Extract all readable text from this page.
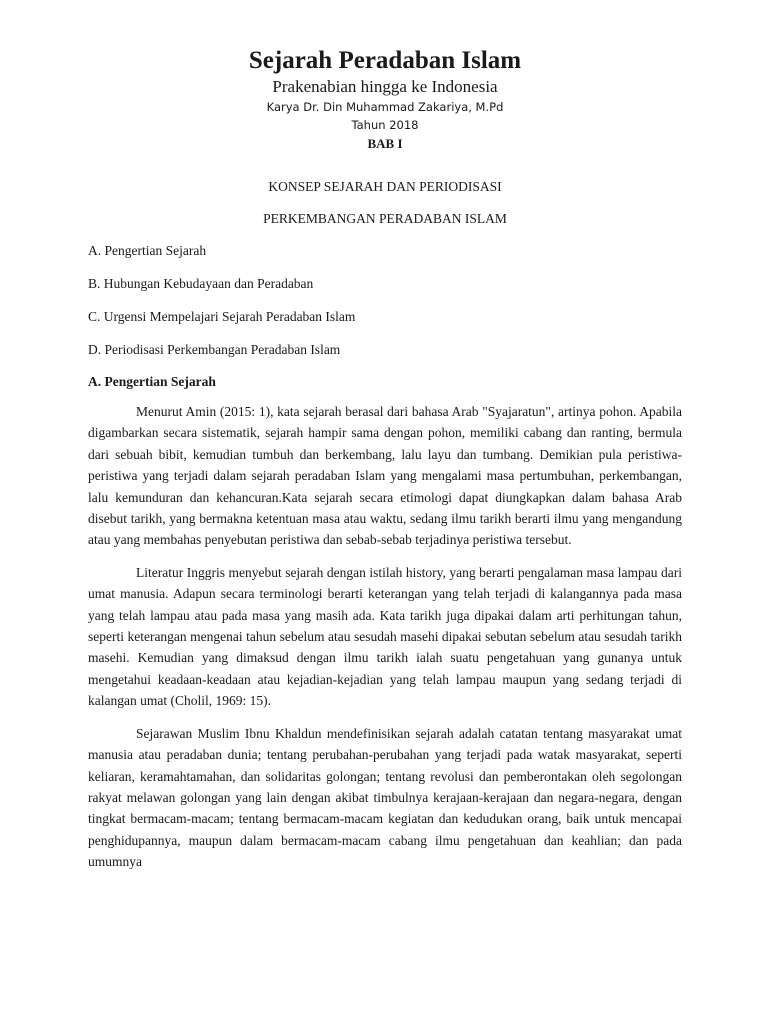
Sejarah Peradaban Islam

Prakenabian hingga ke Indonesia

Karya Dr. Din Muhammad Zakariya, M.Pd

Tahun 2018

BAB I

KONSEP SEJARAH DAN PERIODISASI

PERKEMBANGAN PERADABAN ISLAM

A. Pengertian Sejarah
B. Hubungan Kebudayaan dan Peradaban
C. Urgensi Mempelajari Sejarah Peradaban Islam
D. Periodisasi Perkembangan Peradaban Islam

A. Pengertian Sejarah

Menurut Amin (2015: 1), kata sejarah berasal dari bahasa Arab "Syajaratun", artinya pohon. Apabila digambarkan secara sistematik, sejarah hampir sama dengan pohon, memiliki cabang dan ranting, bermula dari sebuah bibit, kemudian tumbuh dan berkembang, lalu layu dan tumbang. Demikian pula peristiwa-peristiwa yang terjadi dalam sejarah peradaban Islam yang mengalami masa pertumbuhan, perkembangan, lalu kemunduran dan kehancuran.Kata sejarah secara etimologi dapat diungkapkan dalam bahasa Arab disebut tarikh, yang bermakna ketentuan masa atau waktu, sedang ilmu tarikh berarti ilmu yang mengandung atau yang membahas penyebutan peristiwa dan sebab-sebab terjadinya peristiwa tersebut.

Literatur Inggris menyebut sejarah dengan istilah history, yang berarti pengalaman masa lampau dari umat manusia. Adapun secara terminologi berarti keterangan yang telah terjadi di kalangannya pada masa yang telah lampau atau pada masa yang masih ada. Kata tarikh juga dipakai dalam arti perhitungan tahun, seperti keterangan mengenai tahun sebelum atau sesudah masehi dipakai sebutan sebelum atau sesudah tarikh masehi. Kemudian yang dimaksud dengan ilmu tarikh ialah suatu pengetahuan yang gunanya untuk mengetahui keadaan-keadaan atau kejadian-kejadian yang telah lampau maupun yang sedang terjadi di kalangan umat (Cholil, 1969: 15).

Sejarawan Muslim Ibnu Khaldun mendefinisikan sejarah adalah catatan tentang masyarakat umat manusia atau peradaban dunia; tentang perubahan-perubahan yang terjadi pada watak masyarakat, seperti keliaran, keramahtamahan, dan solidaritas golongan; tentang revolusi dan pemberontakan oleh segolongan rakyat melawan golongan yang lain dengan akibat timbulnya kerajaan-kerajaan dan negara-negara, dengan tingkat bermacam-macam; tentang bermacam-macam kegiatan dan kedudukan orang, baik untuk mencapai penghidupannya, maupun dalam bermacam-macam cabang ilmu pengetahuan dan keahlian; dan pada umumnya
